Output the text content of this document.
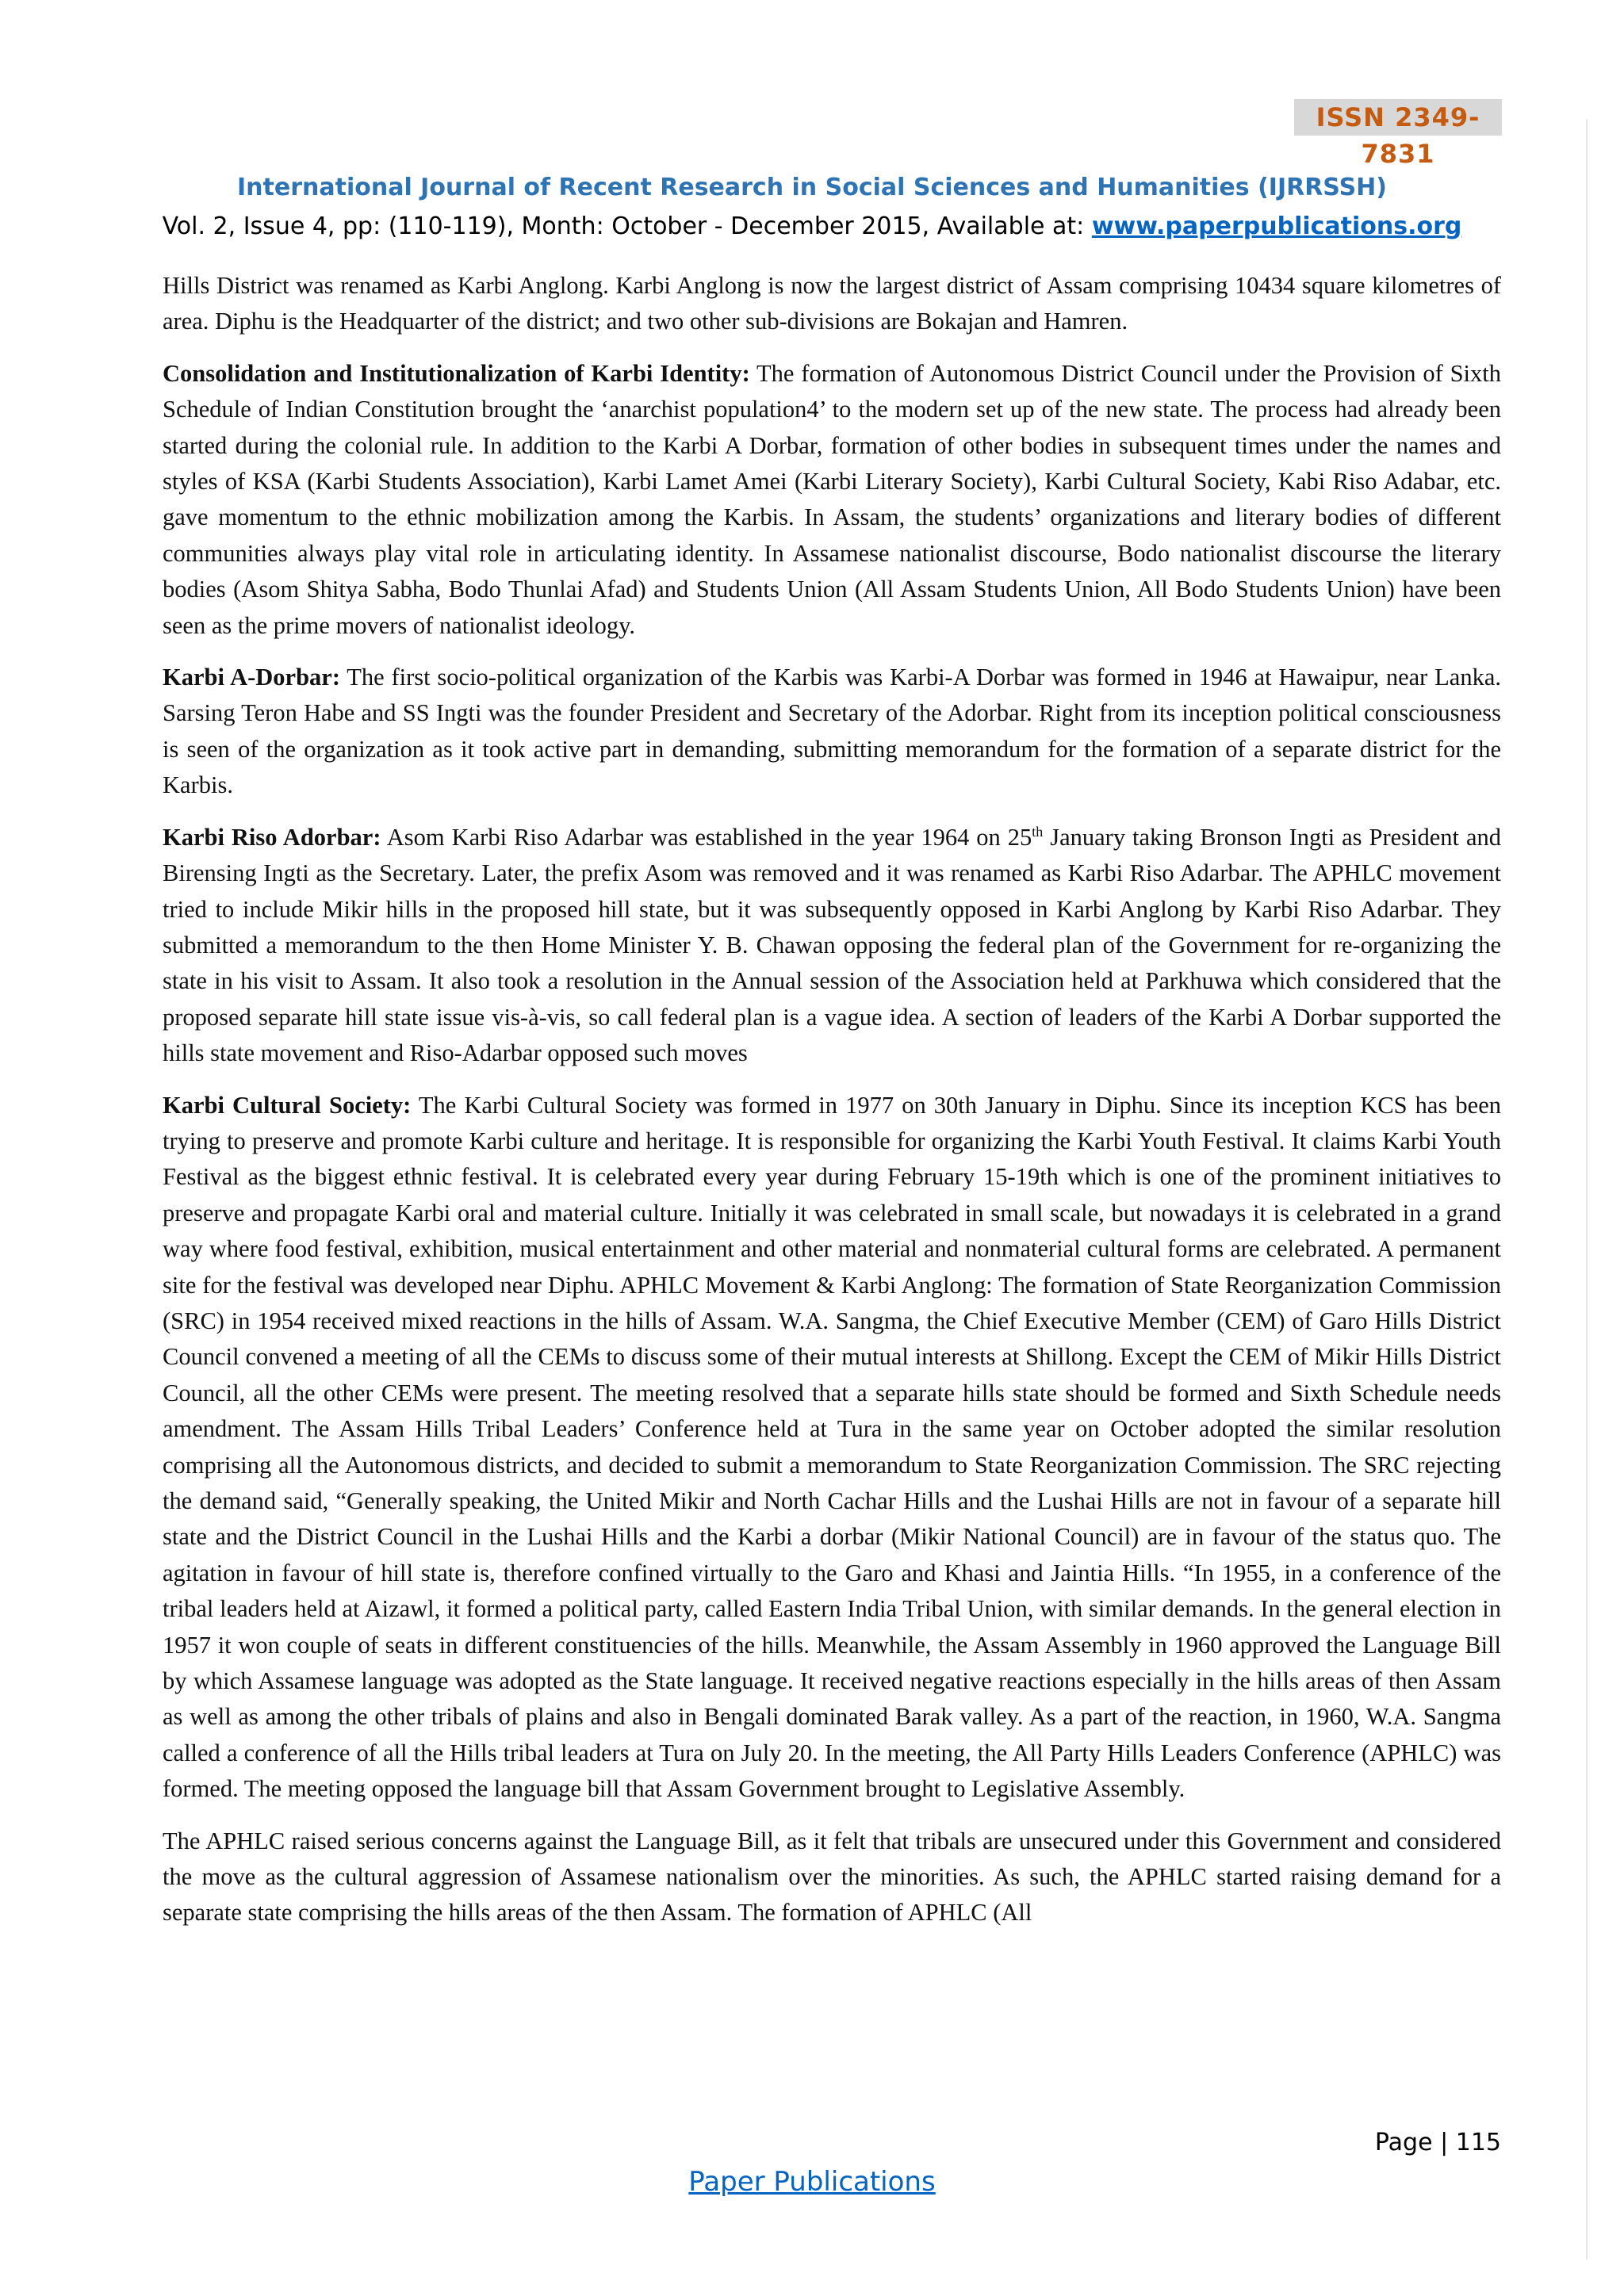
ISSN 2349-7831
International Journal of Recent Research in Social Sciences and Humanities (IJRRSSH)
Vol. 2, Issue 4, pp: (110-119), Month: October - December 2015, Available at: www.paperpublications.org

Hills District was renamed as Karbi Anglong. Karbi Anglong is now the largest district of Assam comprising 10434 square kilometres of area. Diphu is the Headquarter of the district; and two other sub-divisions are Bokajan and Hamren.

Consolidation and Institutionalization of Karbi Identity: The formation of Autonomous District Council under the Provision of Sixth Schedule of Indian Constitution brought the ‘anarchist population4’ to the modern set up of the new state. The process had already been started during the colonial rule. In addition to the Karbi A Dorbar, formation of other bodies in subsequent times under the names and styles of KSA (Karbi Students Association), Karbi Lamet Amei (Karbi Literary Society), Karbi Cultural Society, Kabi Riso Adabar, etc. gave momentum to the ethnic mobilization among the Karbis. In Assam, the students’ organizations and literary bodies of different communities always play vital role in articulating identity. In Assamese nationalist discourse, Bodo nationalist discourse the literary bodies (Asom Shitya Sabha, Bodo Thunlai Afad) and Students Union (All Assam Students Union, All Bodo Students Union) have been seen as the prime movers of nationalist ideology.

Karbi A-Dorbar: The first socio-political organization of the Karbis was Karbi-A Dorbar was formed in 1946 at Hawaipur, near Lanka. Sarsing Teron Habe and SS Ingti was the founder President and Secretary of the Adorbar. Right from its inception political consciousness is seen of the organization as it took active part in demanding, submitting memorandum for the formation of a separate district for the Karbis.

Karbi Riso Adorbar: Asom Karbi Riso Adarbar was established in the year 1964 on 25th January taking Bronson Ingti as President and Birensing Ingti as the Secretary. Later, the prefix Asom was removed and it was renamed as Karbi Riso Adarbar. The APHLC movement tried to include Mikir hills in the proposed hill state, but it was subsequently opposed in Karbi Anglong by Karbi Riso Adarbar. They submitted a memorandum to the then Home Minister Y. B. Chawan opposing the federal plan of the Government for re-organizing the state in his visit to Assam. It also took a resolution in the Annual session of the Association held at Parkhuwa which considered that the proposed separate hill state issue vis-à-vis, so call federal plan is a vague idea. A section of leaders of the Karbi A Dorbar supported the hills state movement and Riso-Adarbar opposed such moves

Karbi Cultural Society: The Karbi Cultural Society was formed in 1977 on 30th January in Diphu. Since its inception KCS has been trying to preserve and promote Karbi culture and heritage. It is responsible for organizing the Karbi Youth Festival. It claims Karbi Youth Festival as the biggest ethnic festival. It is celebrated every year during February 15-19th which is one of the prominent initiatives to preserve and propagate Karbi oral and material culture. Initially it was celebrated in small scale, but nowadays it is celebrated in a grand way where food festival, exhibition, musical entertainment and other material and nonmaterial cultural forms are celebrated. A permanent site for the festival was developed near Diphu. APHLC Movement & Karbi Anglong: The formation of State Reorganization Commission (SRC) in 1954 received mixed reactions in the hills of Assam. W.A. Sangma, the Chief Executive Member (CEM) of Garo Hills District Council convened a meeting of all the CEMs to discuss some of their mutual interests at Shillong. Except the CEM of Mikir Hills District Council, all the other CEMs were present. The meeting resolved that a separate hills state should be formed and Sixth Schedule needs amendment. The Assam Hills Tribal Leaders’ Conference held at Tura in the same year on October adopted the similar resolution comprising all the Autonomous districts, and decided to submit a memorandum to State Reorganization Commission. The SRC rejecting the demand said, “Generally speaking, the United Mikir and North Cachar Hills and the Lushai Hills are not in favour of a separate hill state and the District Council in the Lushai Hills and the Karbi a dorbar (Mikir National Council) are in favour of the status quo. The agitation in favour of hill state is, therefore confined virtually to the Garo and Khasi and Jaintia Hills. “In 1955, in a conference of the tribal leaders held at Aizawl, it formed a political party, called Eastern India Tribal Union, with similar demands. In the general election in 1957 it won couple of seats in different constituencies of the hills. Meanwhile, the Assam Assembly in 1960 approved the Language Bill by which Assamese language was adopted as the State language. It received negative reactions especially in the hills areas of then Assam as well as among the other tribals of plains and also in Bengali dominated Barak valley. As a part of the reaction, in 1960, W.A. Sangma called a conference of all the Hills tribal leaders at Tura on July 20. In the meeting, the All Party Hills Leaders Conference (APHLC) was formed. The meeting opposed the language bill that Assam Government brought to Legislative Assembly.

The APHLC raised serious concerns against the Language Bill, as it felt that tribals are unsecured under this Government and considered the move as the cultural aggression of Assamese nationalism over the minorities. As such, the APHLC started raising demand for a separate state comprising the hills areas of the then Assam. The formation of APHLC (All

Page | 115
Paper Publications
